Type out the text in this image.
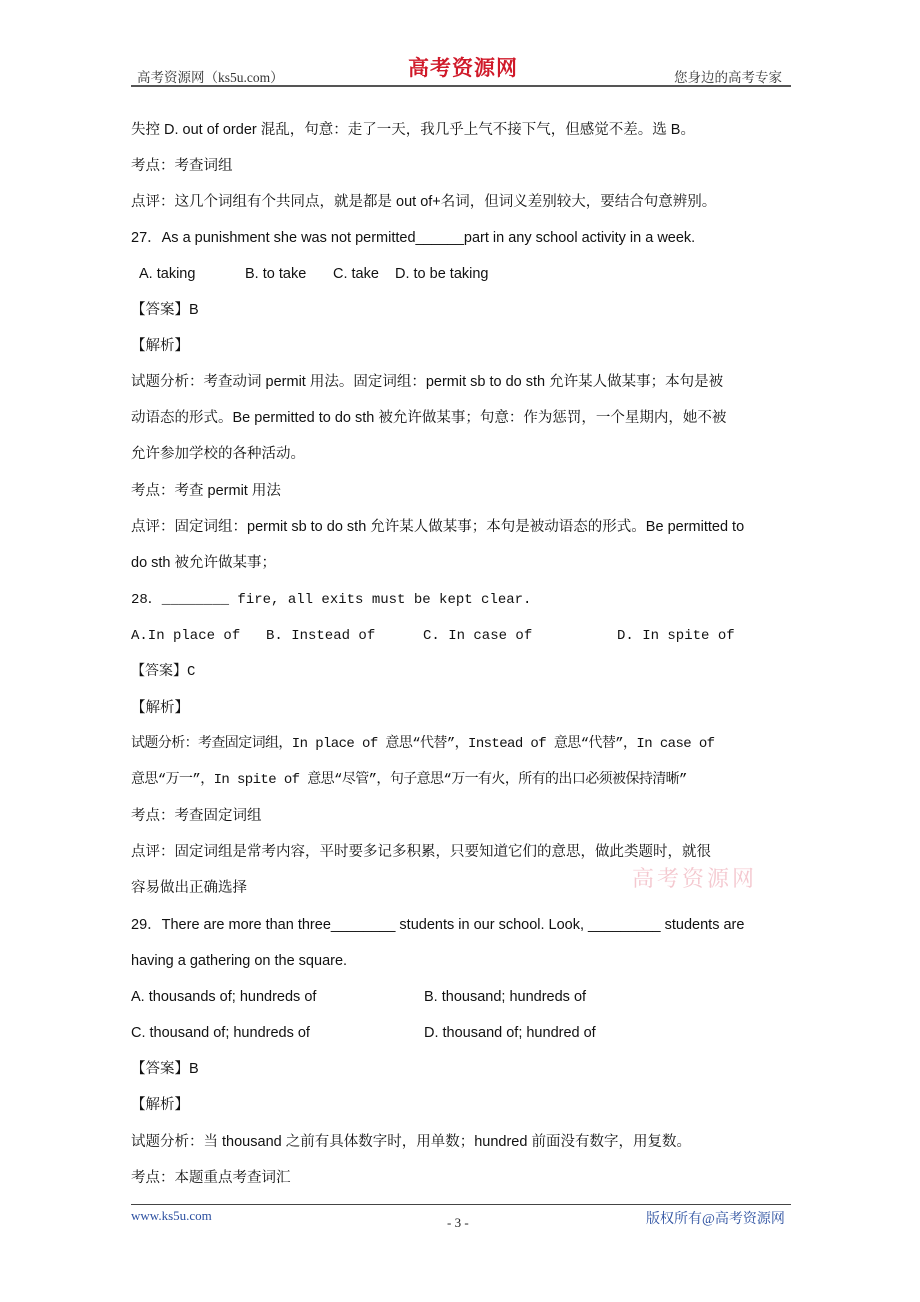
高考资源网（ks5u.com）	高考资源网	您身边的高考专家
失控 D. out of order 混乱，句意：走了一天，我几乎上气不接下气，但感觉不差。选 B。
考点：考查词组
点评：这几个词组有个共同点，就是都是 out of+名词，但词义差别较大，要结合句意辨别。
27．As a punishment she was not permitted______part in any school activity in a week.
A. taking	B. to take C. take D. to be taking
【答案】B
【解析】
试题分析：考查动词 permit 用法。固定词组：permit sb to do sth 允许某人做某事；本句是被
动语态的形式。Be permitted to do sth 被允许做某事；句意：作为惩罚，一个星期内，她不被
允许参加学校的各种活动。
考点：考查 permit 用法
点评：固定词组：permit sb to do sth 允许某人做某事；本句是被动语态的形式。Be permitted to
do sth 被允许做某事；
28．________ fire, all exits must be kept clear.
A.In place of B. Instead of	C. In case of	D. In spite of
【答案】C
【解析】
试题分析：考查固定词组，In place of 意思“代替”，Instead of 意思“代替”，In case of
意思“万一”，In spite of 意思“尽管”，句子意思“万一有火，所有的出口必须被保持清晰”
考点：考查固定词组
点评：固定词组是常考内容，平时要多记多积累，只要知道它们的意思，做此类题时，就很
容易做出正确选择	高考资源网
29．There are more than three________ students in our school. Look, _________ students are
having a gathering on the square.
A. thousands of; hundreds of	B. thousand; hundreds of
C. thousand of; hundreds of	D. thousand of; hundred of
【答案】B
【解析】
试题分析：当 thousand 之前有具体数字时，用单数；hundred 前面没有数字，用复数。
考点：本题重点考查词汇
www.ks5u.com	- 3 -	版权所有@高考资源网
